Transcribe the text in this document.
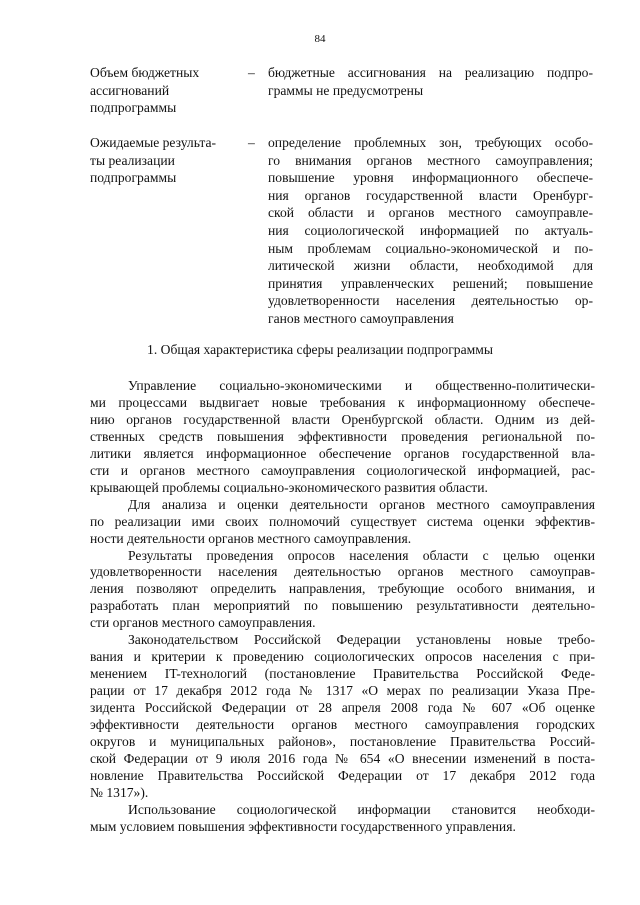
84
Объем бюджетных
ассигнований
подпрограммы
– бюджетные ассигнования на реализацию подпро-
граммы не предусмотрены
Ожидаемые результа-
ты реализации
подпрограммы
– определение проблемных зон, требующих особо-
го внимания органов местного самоуправления;
повышение уровня информационного обеспече-
ния органов государственной власти Оренбург-
ской области и органов местного самоуправле-
ния социологической информацией по актуаль-
ным проблемам социально-экономической и по-
литической жизни области, необходимой для
принятия управленческих решений; повышение
удовлетворенности населения деятельностью ор-
ганов местного самоуправления
1. Общая характеристика сферы реализации подпрограммы
Управление социально-экономическими и общественно-политически-
ми процессами выдвигает новые требования к информационному обеспече-
нию органов государственной власти Оренбургской области. Одним из дей-
ственных средств повышения эффективности проведения региональной по-
литики является информационное обеспечение органов государственной вла-
сти и органов местного самоуправления социологической информацией, рас-
крывающей проблемы социально-экономического развития области.
Для анализа и оценки деятельности органов местного самоуправления
по реализации ими своих полномочий существует система оценки эффектив-
ности деятельности органов местного самоуправления.
Результаты проведения опросов населения области с целью оценки
удовлетворенности населения деятельностью органов местного самоуправ-
ления позволяют определить направления, требующие особого внимания, и
разработать план мероприятий по повышению результативности деятельно-
сти органов местного самоуправления.
Законодательством Российской Федерации установлены новые требо-
вания и критерии к проведению социологических опросов населения с при-
менением IT-технологий (постановление Правительства Российской Феде-
рации от 17 декабря 2012 года № 1317 «О мерах по реализации Указа Пре-
зидента Российской Федерации от 28 апреля 2008 года № 607 «Об оценке
эффективности деятельности органов местного самоуправления городских
округов и муниципальных районов», постановление Правительства Россий-
ской Федерации от 9 июля 2016 года № 654 «О внесении изменений в поста-
новление Правительства Российской Федерации от 17 декабря 2012 года
№ 1317»).
Использование социологической информации становится необходи-
мым условием повышения эффективности государственного управления.
